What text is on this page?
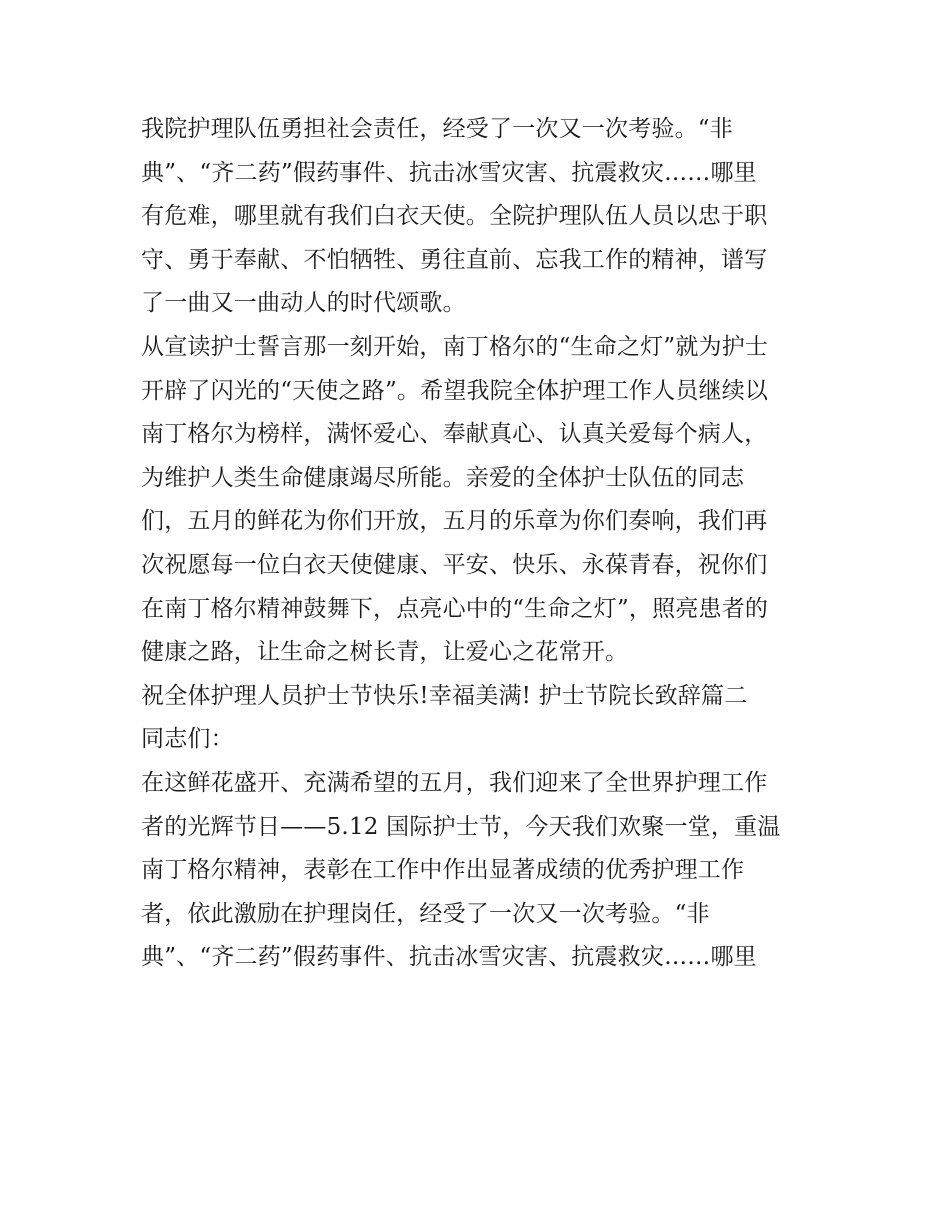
我院护理队伍勇担社会责任，经受了一次又一次考验。“非
典”、“齐二药”假药事件、抗击冰雪灾害、抗震救灾……哪里
有危难，哪里就有我们白衣天使。全院护理队伍人员以忠于职
守、勇于奉献、不怕牺牲、勇往直前、忘我工作的精神，谱写
了一曲又一曲动人的时代颂歌。
从宣读护士誓言那一刻开始，南丁格尔的“生命之灯”就为护士
开辟了闪光的“天使之路”。希望我院全体护理工作人员继续以
南丁格尔为榜样，满怀爱心、奉献真心、认真关爱每个病人，
为维护人类生命健康竭尽所能。亲爱的全体护士队伍的同志
们，五月的鲜花为你们开放，五月的乐章为你们奏响，我们再
次祝愿每一位白衣天使健康、平安、快乐、永葆青春，祝你们
在南丁格尔精神鼓舞下，点亮心中的“生命之灯”，照亮患者的
健康之路，让生命之树长青，让爱心之花常开。
祝全体护理人员护士节快乐!幸福美满! 护士节院长致辞篇二
同志们：
在这鲜花盛开、充满希望的五月，我们迎来了全世界护理工作
者的光辉节日——5.12 国际护士节，今天我们欢聚一堂，重温
南丁格尔精神，表彰在工作中作出显著成绩的优秀护理工作
者，依此激励在护理岗任，经受了一次又一次考验。“非
典”、“齐二药”假药事件、抗击冰雪灾害、抗震救灾……哪里
